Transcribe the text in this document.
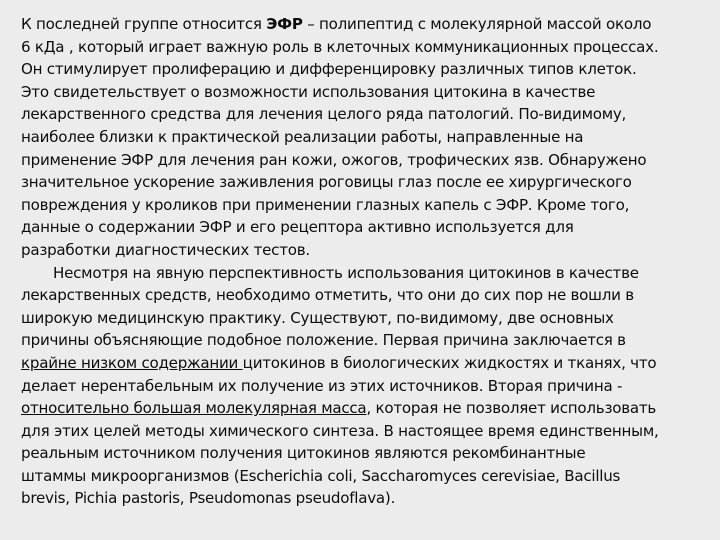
К последней группе относится ЭФР – полипептид с молекулярной массой около
6 кДа , который играет важную роль в клеточных коммуникационных процессах.
Он стимулирует пролиферацию и дифференцировку различных типов клеток.
Это свидетельствует о возможности использования цитокина в качестве
лекарственного средства для лечения целого ряда патологий. По-видимому,
наиболее близки к практической реализации работы, направленные на
применение ЭФР для лечения ран кожи, ожогов, трофических язв. Обнаружено
значительное ускорение заживления роговицы глаз после ее хирургического
повреждения у кроликов при применении глазных капель с ЭФР. Кроме того,
данные о содержании ЭФР и его рецептора активно используется для
разработки диагностических тестов.
Несмотря на явную перспективность использования цитокинов в качестве
лекарственных средств, необходимо отметить, что они до сих пор не вошли в
широкую медицинскую практику. Существуют, по-видимому, две основных
причины объясняющие подобное положение. Первая причина заключается в
крайне низком содержании цитокинов в биологических жидкостях и тканях, что
делает нерентабельным их получение из этих источников. Вторая причина -
относительно большая молекулярная масса, которая не позволяет использовать
для этих целей методы химического синтеза. В настоящее время единственным,
реальным источником получения цитокинов являются рекомбинантные
штаммы микроорганизмов (Escherichia coli, Saccharomyces cerevisiae, Bacillus
brevis, Pichia pastoris, Pseudomonas pseudoflava).
